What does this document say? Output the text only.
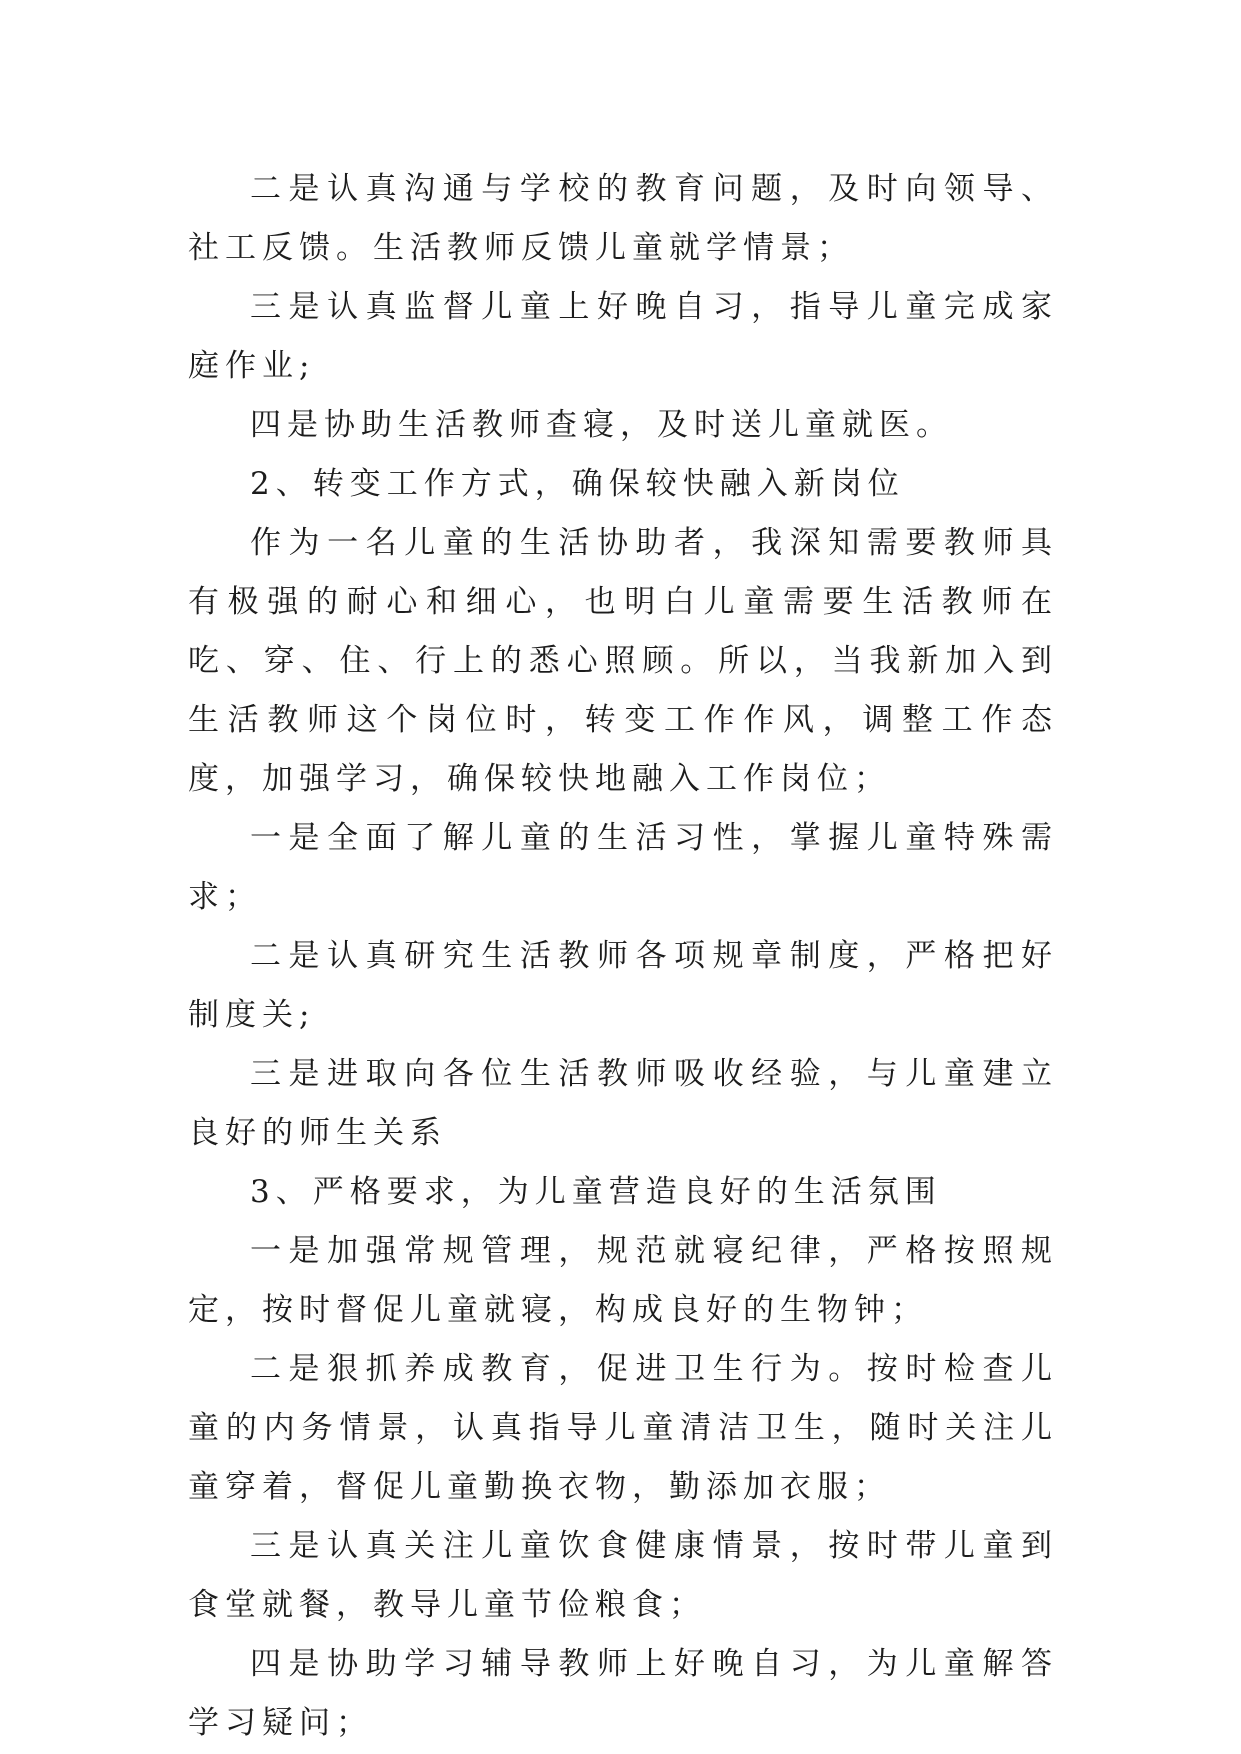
二是认真沟通与学校的教育问题，及时向领导、社工反馈。生活教师反馈儿童就学情景；

三是认真监督儿童上好晚自习，指导儿童完成家庭作业;

四是协助生活教师查寝，及时送儿童就医。

2、转变工作方式，确保较快融入新岗位

作为一名儿童的生活协助者，我深知需要教师具有极强的耐心和细心，也明白儿童需要生活教师在吃、穿、住、行上的悉心照顾。所以，当我新加入到生活教师这个岗位时，转变工作作风，调整工作态度，加强学习，确保较快地融入工作岗位；

一是全面了解儿童的生活习性，掌握儿童特殊需求；

二是认真研究生活教师各项规章制度，严格把好制度关;

三是进取向各位生活教师吸收经验，与儿童建立良好的师生关系

3、严格要求，为儿童营造良好的生活氛围

一是加强常规管理，规范就寝纪律，严格按照规定，按时督促儿童就寝，构成良好的生物钟；

二是狠抓养成教育，促进卫生行为。按时检查儿童的内务情景，认真指导儿童清洁卫生，随时关注儿童穿着，督促儿童勤换衣物，勤添加衣服；

三是认真关注儿童饮食健康情景，按时带儿童到食堂就餐，教导儿童节俭粮食；

四是协助学习辅导教师上好晚自习，为儿童解答学习疑问；
